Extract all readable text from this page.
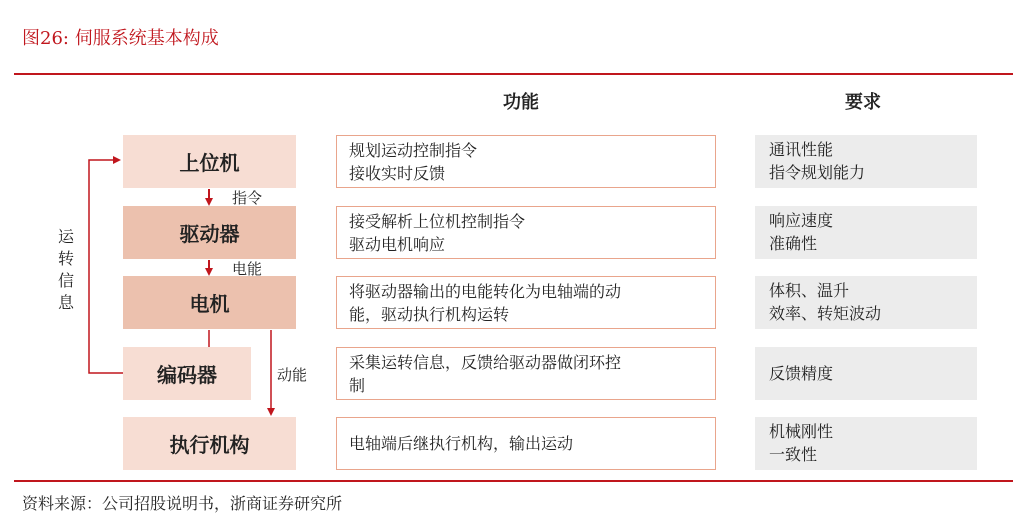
图26: 伺服系统基本构成
功能	要求
上位机
驱动器
电机
编码器
执行机构
规划运动控制指令
接收实时反馈
接受解析上位机控制指令
驱动电机响应
将驱动器输出的电能转化为电轴端的动
能，驱动执行机构运转
采集运转信息，反馈给驱动器做闭环控
制
电轴端后继执行机构，输出运动
通讯性能
指令规划能力
响应速度
准确性
体积、温升
效率、转矩波动
反馈精度
机械刚性
一致性
指令
电能
动能
运转信息
资料来源：公司招股说明书，浙商证券研究所
